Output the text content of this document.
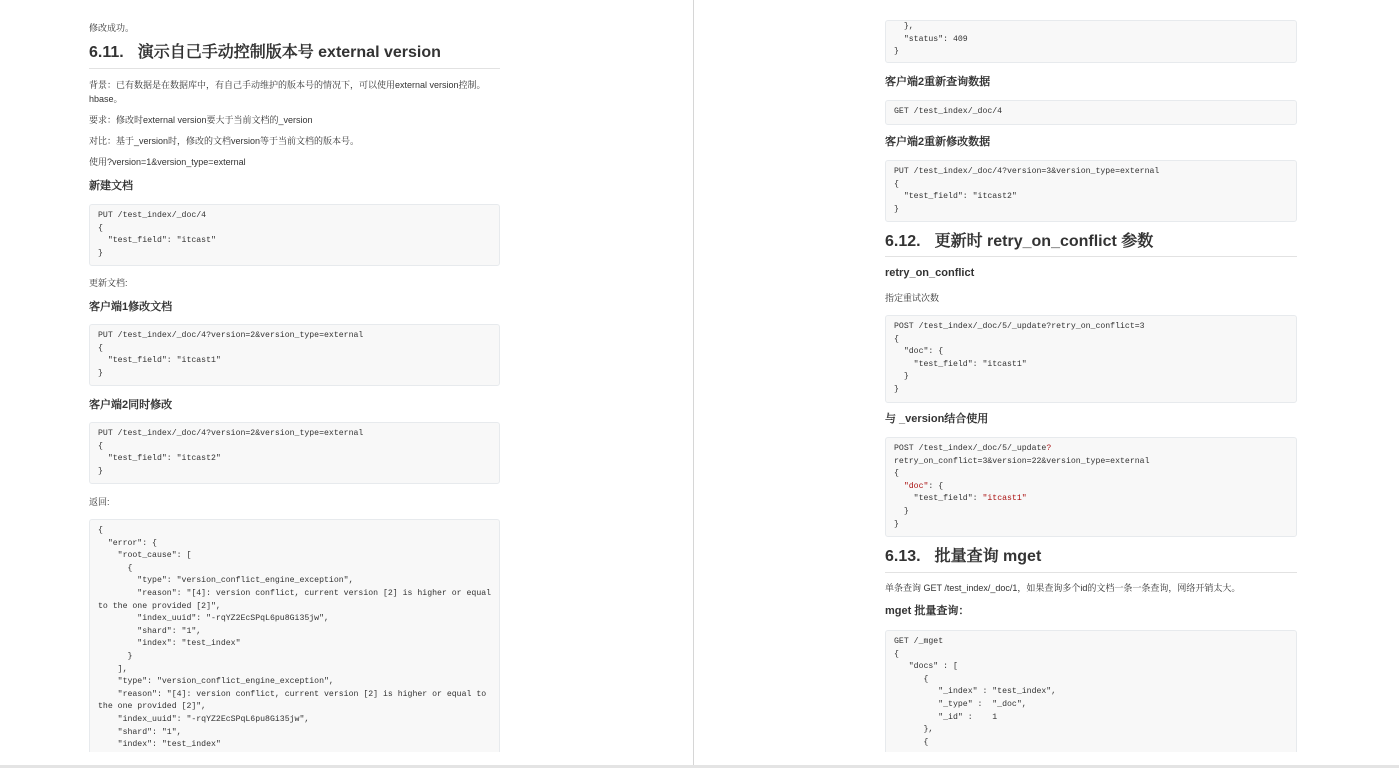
修改成功。
6.11. 演示自己手动控制版本号 external version
背景：已有数据是在数据库中，有自己手动维护的版本号的情况下，可以使用external version控制。
hbase。
要求：修改时external version要大于当前文档的_version
对比：基于_version时，修改的文档version等于当前文档的版本号。
使用?version=1&version_type=external
新建文档
PUT /test_index/_doc/4
{
"test_field": "itcast"
}
更新文档:
客户端1修改文档
PUT /test_index/_doc/4?version=2&version_type=external
{
"test_field": "itcast1"
}
客户端2同时修改
PUT /test_index/_doc/4?version=2&version_type=external
{
"test_field": "itcast2"
}
返回:
{
"error": {
"root_cause": [
{
"type": "version_conflict_engine_exception",
"reason": "[4]: version conflict, current version [2] is higher or equal
to the one provided [2]",
"index_uuid": "-rqYZ2EcSPqL6pu8Gi35jw",
"shard": "1",
"index": "test_index"
}
],
"type": "version_conflict_engine_exception",
"reason": "[4]: version conflict, current version [2] is higher or equal to
the one provided [2]",
"index_uuid": "-rqYZ2EcSPqL6pu8Gi35jw",
"shard": "1",
"index": "test_index"
},
"status": 409
}
客户端2重新查询数据
GET /test_index/_doc/4
客户端2重新修改数据
PUT /test_index/_doc/4?version=3&version_type=external
{
"test_field": "itcast2"
}
6.12. 更新时 retry_on_conflict 参数
retry_on_conflict
指定重试次数
POST /test_index/_doc/5/_update?retry_on_conflict=3
{
"doc": {
"test_field": "itcast1"
}
}
与 _version结合使用
POST /test_index/_doc/5/_update?
retry_on_conflict=3&version=22&version_type=external
{
"doc": {
"test_field": "itcast1"
}
}
6.13. 批量查询 mget
单条查询 GET /test_index/_doc/1，如果查询多个id的文档一条一条查询，网络开销太大。
mget 批量查询：
GET /_mget
{
"docs" : [
{
"_index" : "test_index",
"_type" :  "_doc",
"_id" :    1
},
{
